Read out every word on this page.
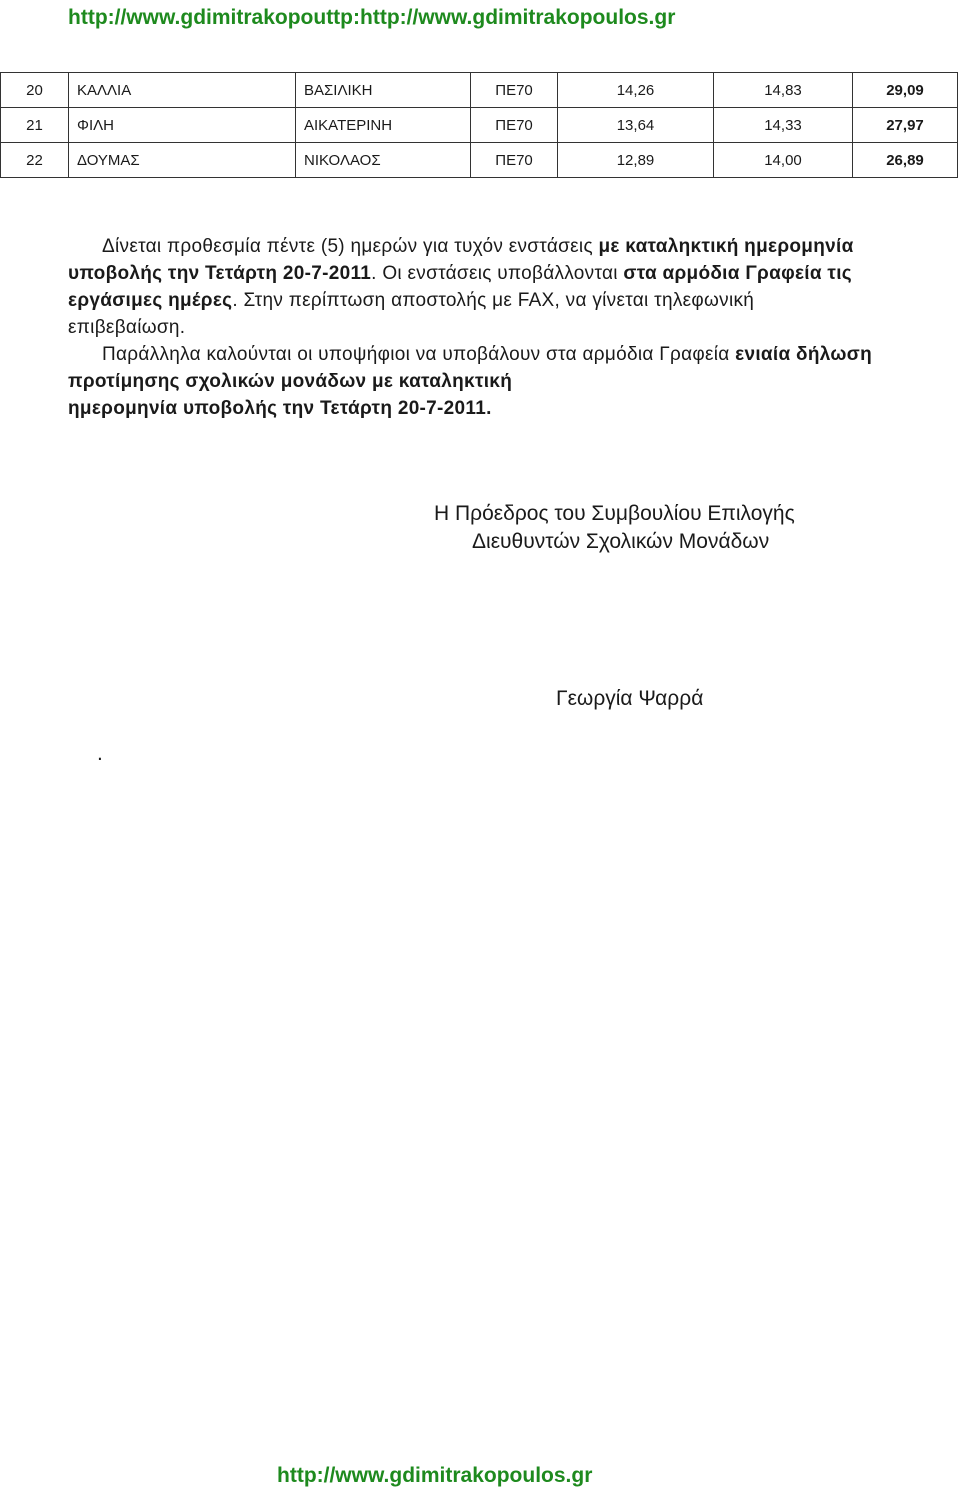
http://www.gdimitrakopouttp:http://www.gdimitrakopoulos.gr
20	ΚΑΛΛΙΑ	ΒΑΣΙΛΙΚΗ	ΠΕ70	14,26	14,83	29,09
21	ΦΙΛΗ	ΑΙΚΑΤΕΡΙΝΗ	ΠΕ70	13,64	14,33	27,97
22	ΔΟΥΜΑΣ	ΝΙΚΟΛΑΟΣ	ΠΕ70	12,89	14,00	26,89
Δίνεται προθεσμία πέντε (5) ημερών για τυχόν ενστάσεις με καταληκτική ημερομηνία υποβολής την Τετάρτη 20-7-2011. Οι ενστάσεις υποβάλλονται στα αρμόδια Γραφεία τις εργάσιμες ημέρες. Στην περίπτωση αποστολής με FAX, να γίνεται τηλεφωνική επιβεβαίωση.
Παράλληλα καλούνται οι υποψήφιοι να υποβάλουν στα αρμόδια Γραφεία ενιαία δήλωση προτίμησης σχολικών μονάδων με καταληκτική

ημερομηνία υποβολής την Τετάρτη 20-7-2011.
Η Πρόεδρος του Συμβουλίου Επιλογής
Διευθυντών Σχολικών Μονάδων
Γεωργία Ψαρρά
.
http://www.gdimitrakopoulos.gr
